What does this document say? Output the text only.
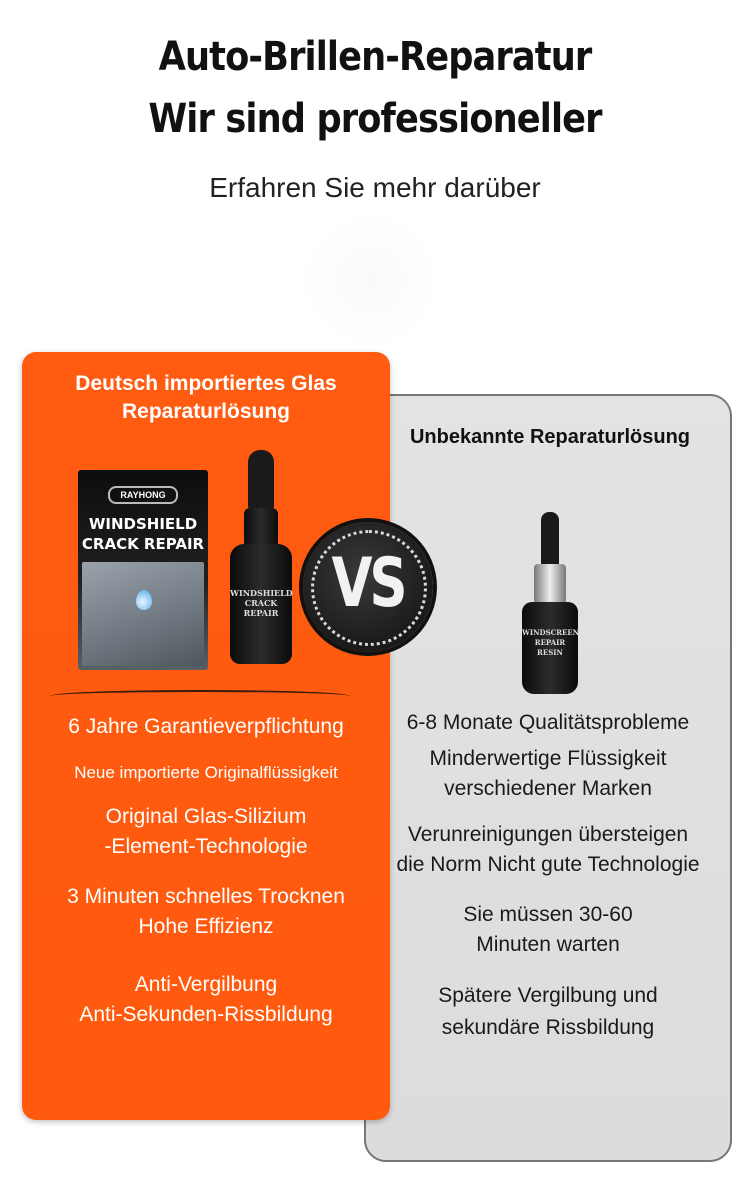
Auto-Brillen-Reparatur
Wir sind professioneller
Erfahren Sie mehr darüber
Unbekannte Reparaturlösung
WINDSCREEN
REPAIR RESIN
6-8 Monate Qualitätsprobleme
Minderwertige Flüssigkeit
verschiedener Marken
Verunreinigungen übersteigen
die Norm Nicht gute Technologie
Sie müssen 30-60
Minuten warten
Spätere Vergilbung und
sekundäre Rissbildung
Deutsch importiertes Glas
Reparaturlösung
RAYHONG
WINDSHIELD
CRACK REPAIR
WINDSHIELD
CRACK REPAIR
6 Jahre Garantieverpflichtung
Neue importierte Originalflüssigkeit
Original Glas-Silizium
-Element-Technologie
3 Minuten schnelles Trocknen
Hohe Effizienz
Anti-Vergilbung
Anti-Sekunden-Rissbildung
VS
